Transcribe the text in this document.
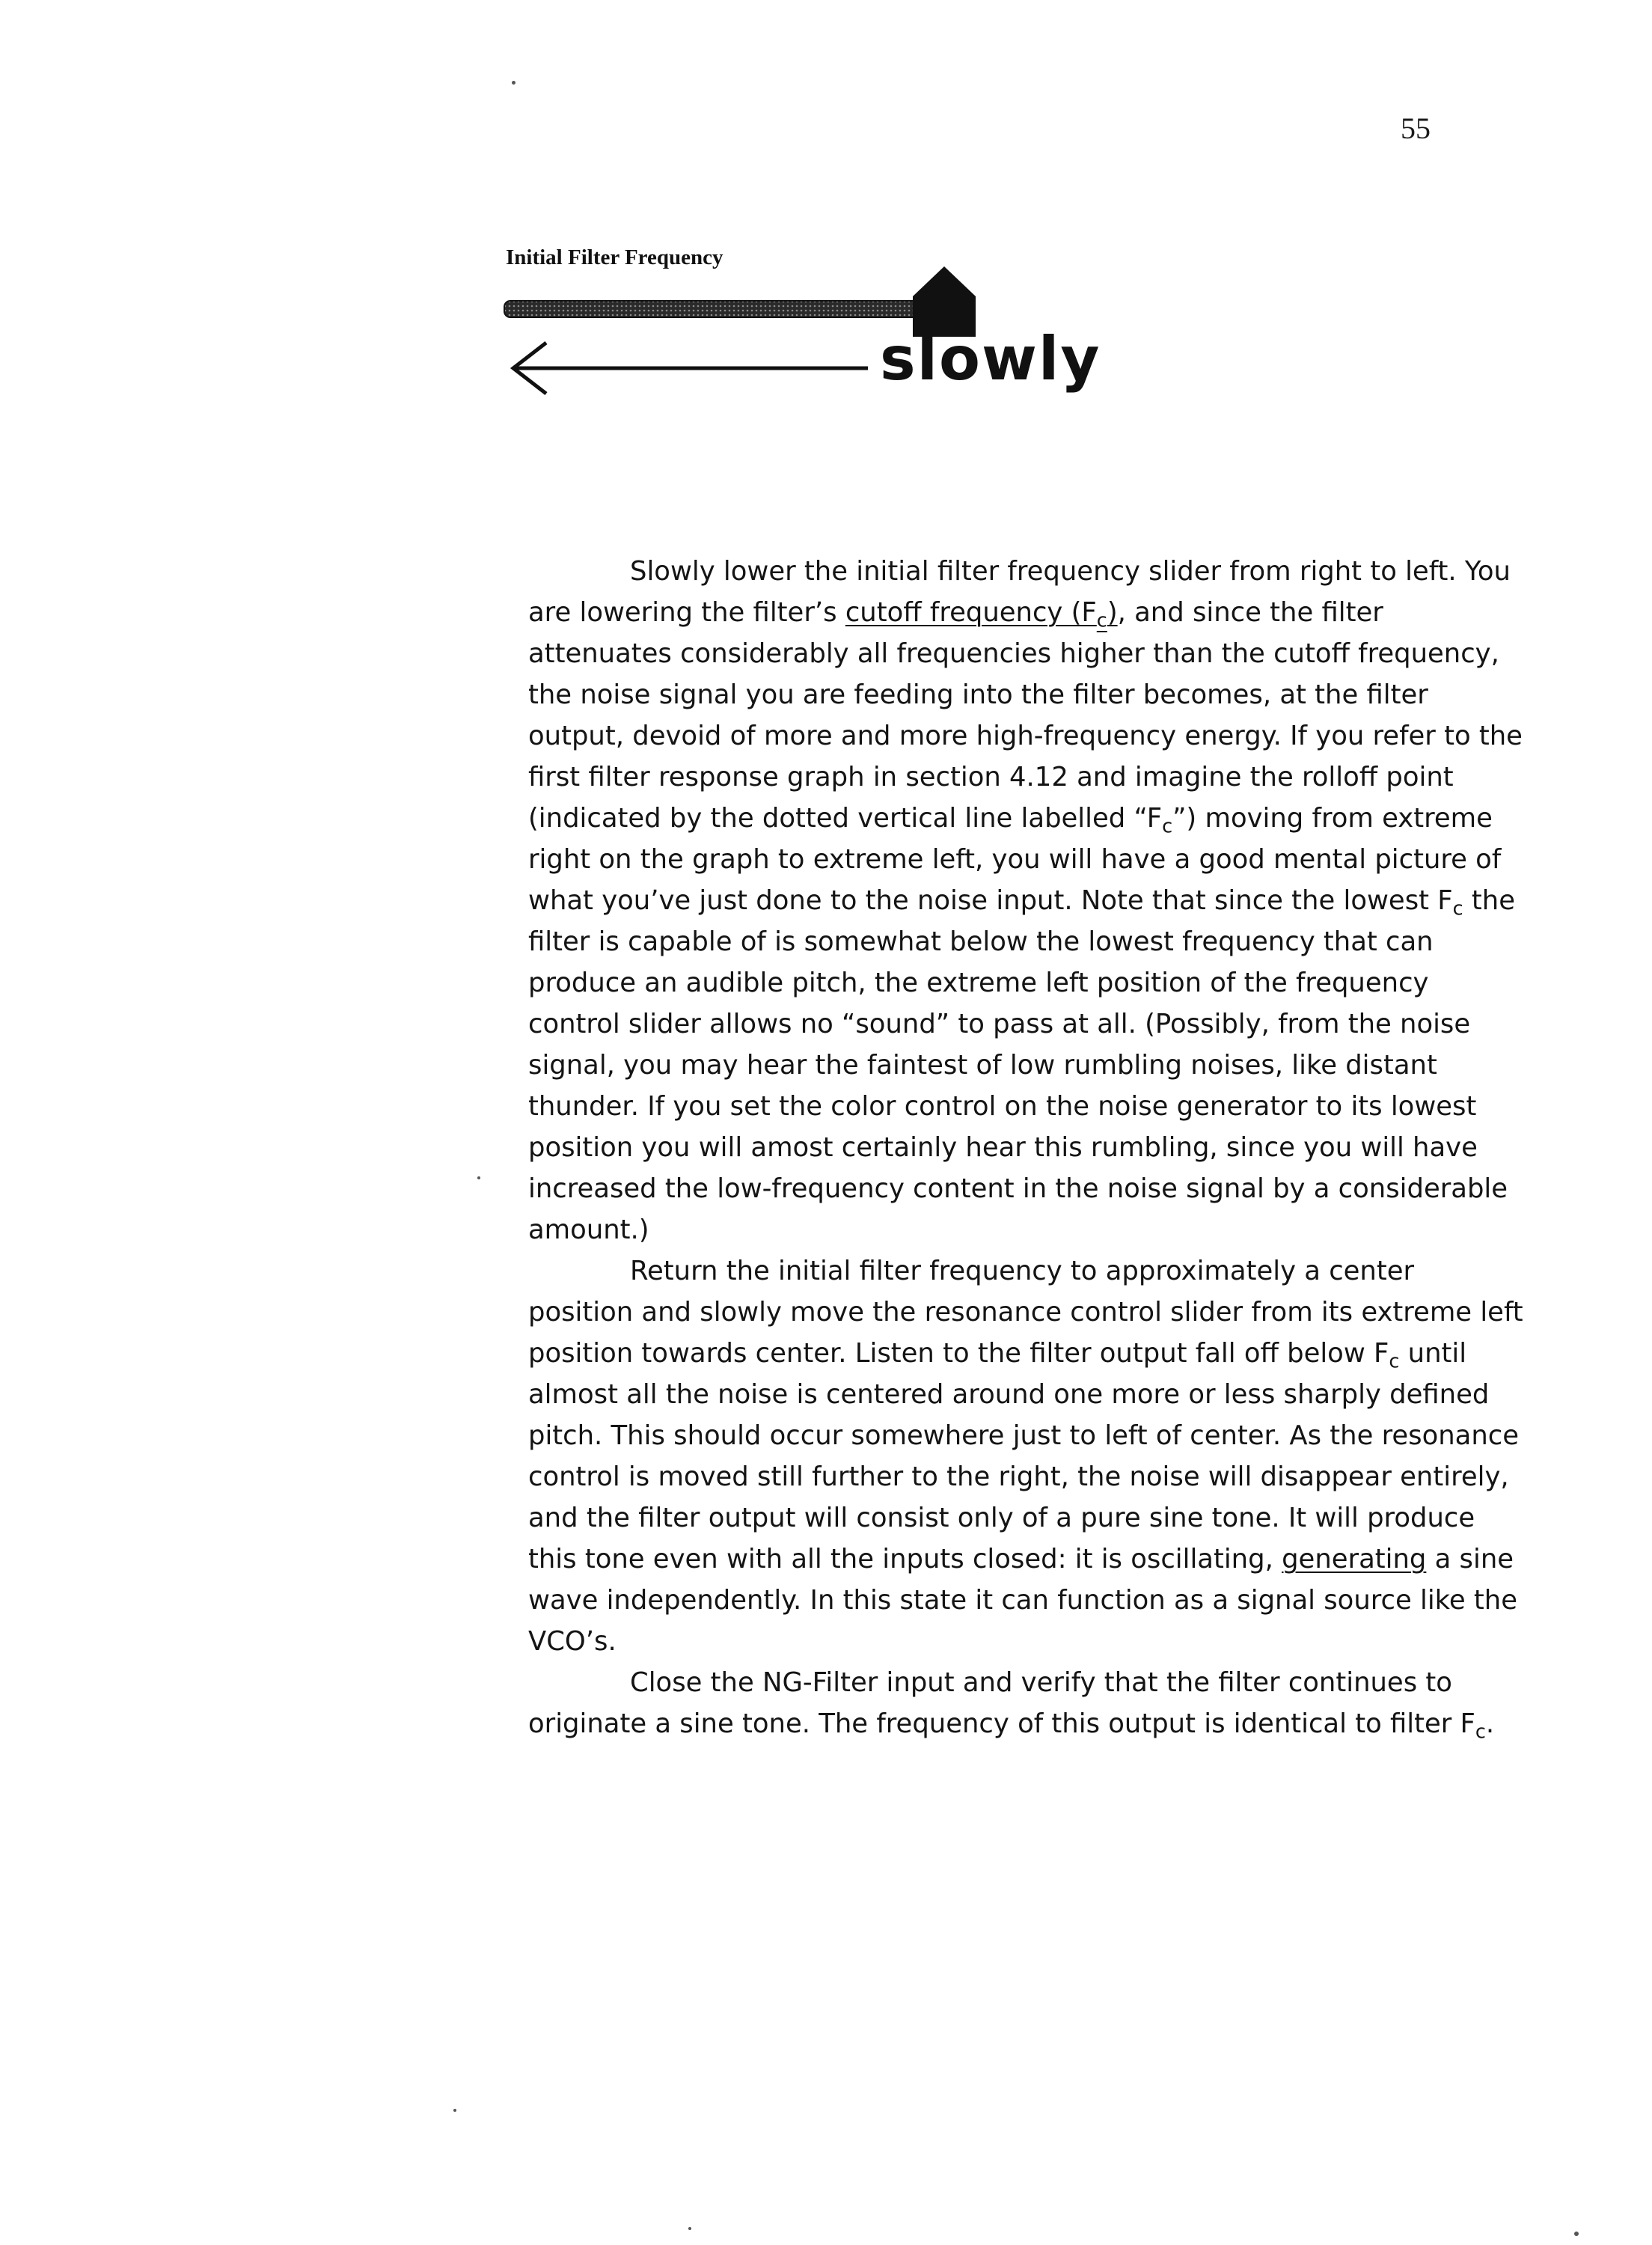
55
Initial Filter Frequency
slowly

Slowly lower the initial filter frequency slider from right to left. You are lowering the filter’s cutoff frequency $(F_c)$, and since the filter attenuates considerably all frequencies higher than the cutoff frequency, the noise signal you are feeding into the filter becomes, at the filter output, devoid of more and more high-frequency energy. If you refer to the first filter response graph in section 4.12 and imagine the rolloff point (indicated by the dotted vertical line labelled “$F_c$”) moving from extreme right on the graph to extreme left, you will have a good mental picture of what you’ve just done to the noise input. Note that since the lowest $F_c$ the filter is capable of is somewhat below the lowest frequency that can produce an audible pitch, the extreme left position of the frequency control slider allows no “sound” to pass at all. (Possibly, from the noise signal, you may hear the faintest of low rumbling noises, like distant thunder. If you set the color control on the noise generator to its lowest position you will amost certainly hear this rumbling, since you will have increased the low-frequency content in the noise signal by a considerable amount.)

Return the initial filter frequency to approximately a center position and slowly move the resonance control slider from its extreme left position towards center. Listen to the filter output fall off below $F_c$ until almost all the noise is centered around one more or less sharply defined pitch. This should occur somewhere just to left of center. As the resonance control is moved still further to the right, the noise will disappear entirely, and the filter output will consist only of a pure sine tone. It will produce this tone even with all the inputs closed: it is oscillating, generating a sine wave independently. In this state it can function as a signal source like the VCO’s.

Close the NG-Filter input and verify that the filter continues to originate a sine tone. The frequency of this output is identical to filter $F_c$.
